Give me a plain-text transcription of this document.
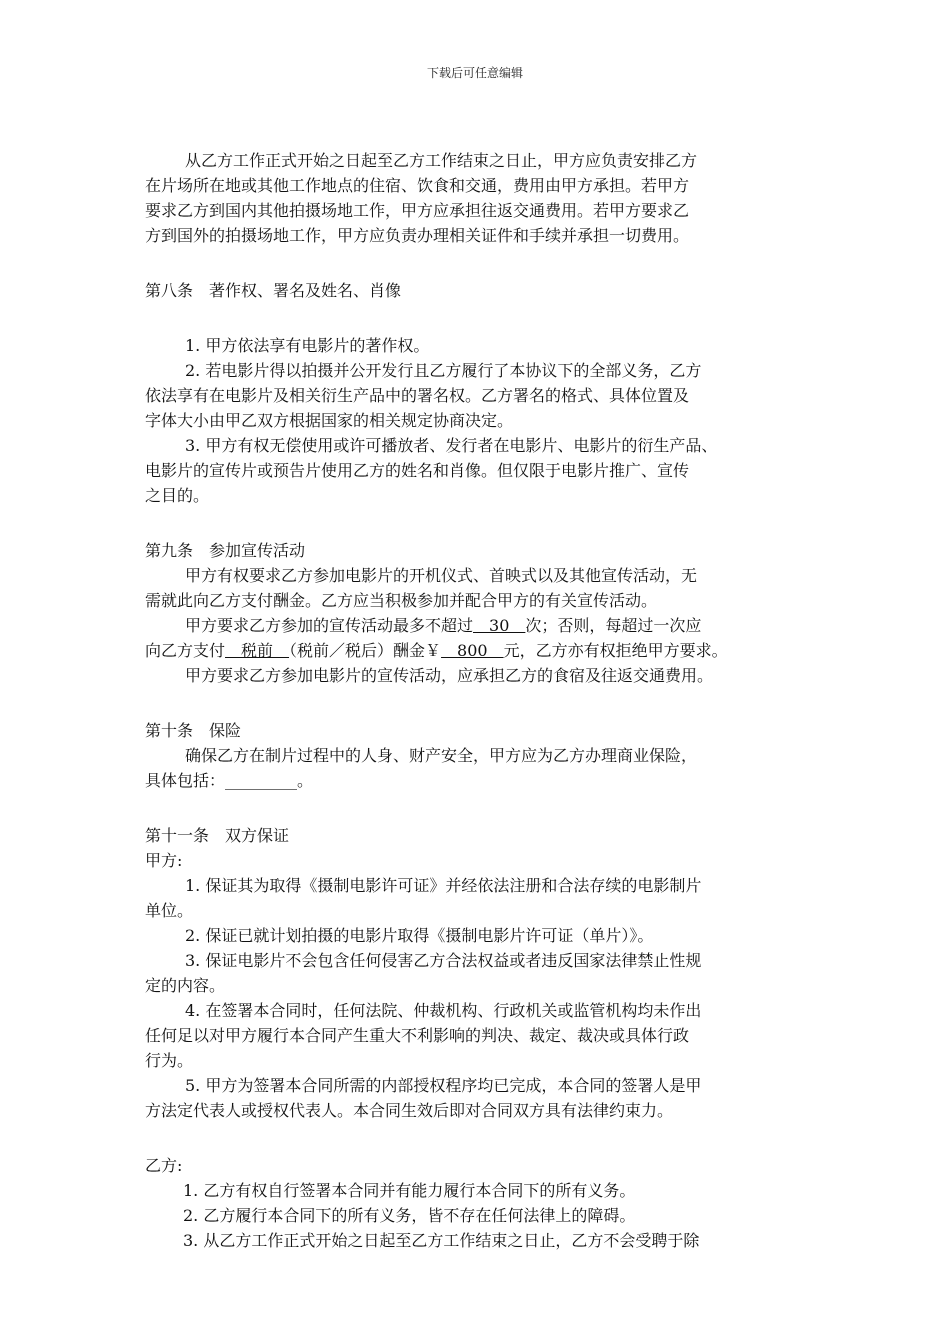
下载后可任意编辑
从乙方工作正式开始之日起至乙方工作结束之日止，甲方应负责安排乙方
在片场所在地或其他工作地点的住宿、饮食和交通，费用由甲方承担。若甲方
要求乙方到国内其他拍摄场地工作，甲方应承担往返交通费用。若甲方要求乙
方到国外的拍摄场地工作，甲方应负责办理相关证件和手续并承担一切费用。
第八条　著作权、署名及姓名、肖像
1. 甲方依法享有电影片的著作权。
2. 若电影片得以拍摄并公开发行且乙方履行了本协议下的全部义务，乙方
依法享有在电影片及相关衍生产品中的署名权。乙方署名的格式、具体位置及
字体大小由甲乙双方根据国家的相关规定协商决定。
3. 甲方有权无偿使用或许可播放者、发行者在电影片、电影片的衍生产品、
电影片的宣传片或预告片使用乙方的姓名和肖像。但仅限于电影片推广、宣传
之目的。
第九条　参加宣传活动
甲方有权要求乙方参加电影片的开机仪式、首映式以及其他宣传活动，无
需就此向乙方支付酬金。乙方应当积极参加并配合甲方的有关宣传活动。
甲方要求乙方参加的宣传活动最多不超过　30　次；否则，每超过一次应
向乙方支付　税前　（税前／税后）酬金￥　800　元，乙方亦有权拒绝甲方要求。
甲方要求乙方参加电影片的宣传活动，应承担乙方的食宿及往返交通费用。
第十条　保险
确保乙方在制片过程中的人身、财产安全，甲方应为乙方办理商业保险，
具体包括：_________。
第十一条　双方保证
甲方:
1. 保证其为取得《摄制电影许可证》并经依法注册和合法存续的电影制片
单位。
2. 保证已就计划拍摄的电影片取得《摄制电影片许可证（单片）》。
3. 保证电影片不会包含任何侵害乙方合法权益或者违反国家法律禁止性规
定的内容。
4. 在签署本合同时，任何法院、仲裁机构、行政机关或监管机构均未作出
任何足以对甲方履行本合同产生重大不利影响的判决、裁定、裁决或具体行政
行为。
5. 甲方为签署本合同所需的内部授权程序均已完成，本合同的签署人是甲
方法定代表人或授权代表人。本合同生效后即对合同双方具有法律约束力。
乙方:
1. 乙方有权自行签署本合同并有能力履行本合同下的所有义务。
2. 乙方履行本合同下的所有义务，皆不存在任何法律上的障碍。
3. 从乙方工作正式开始之日起至乙方工作结束之日止，乙方不会受聘于除
